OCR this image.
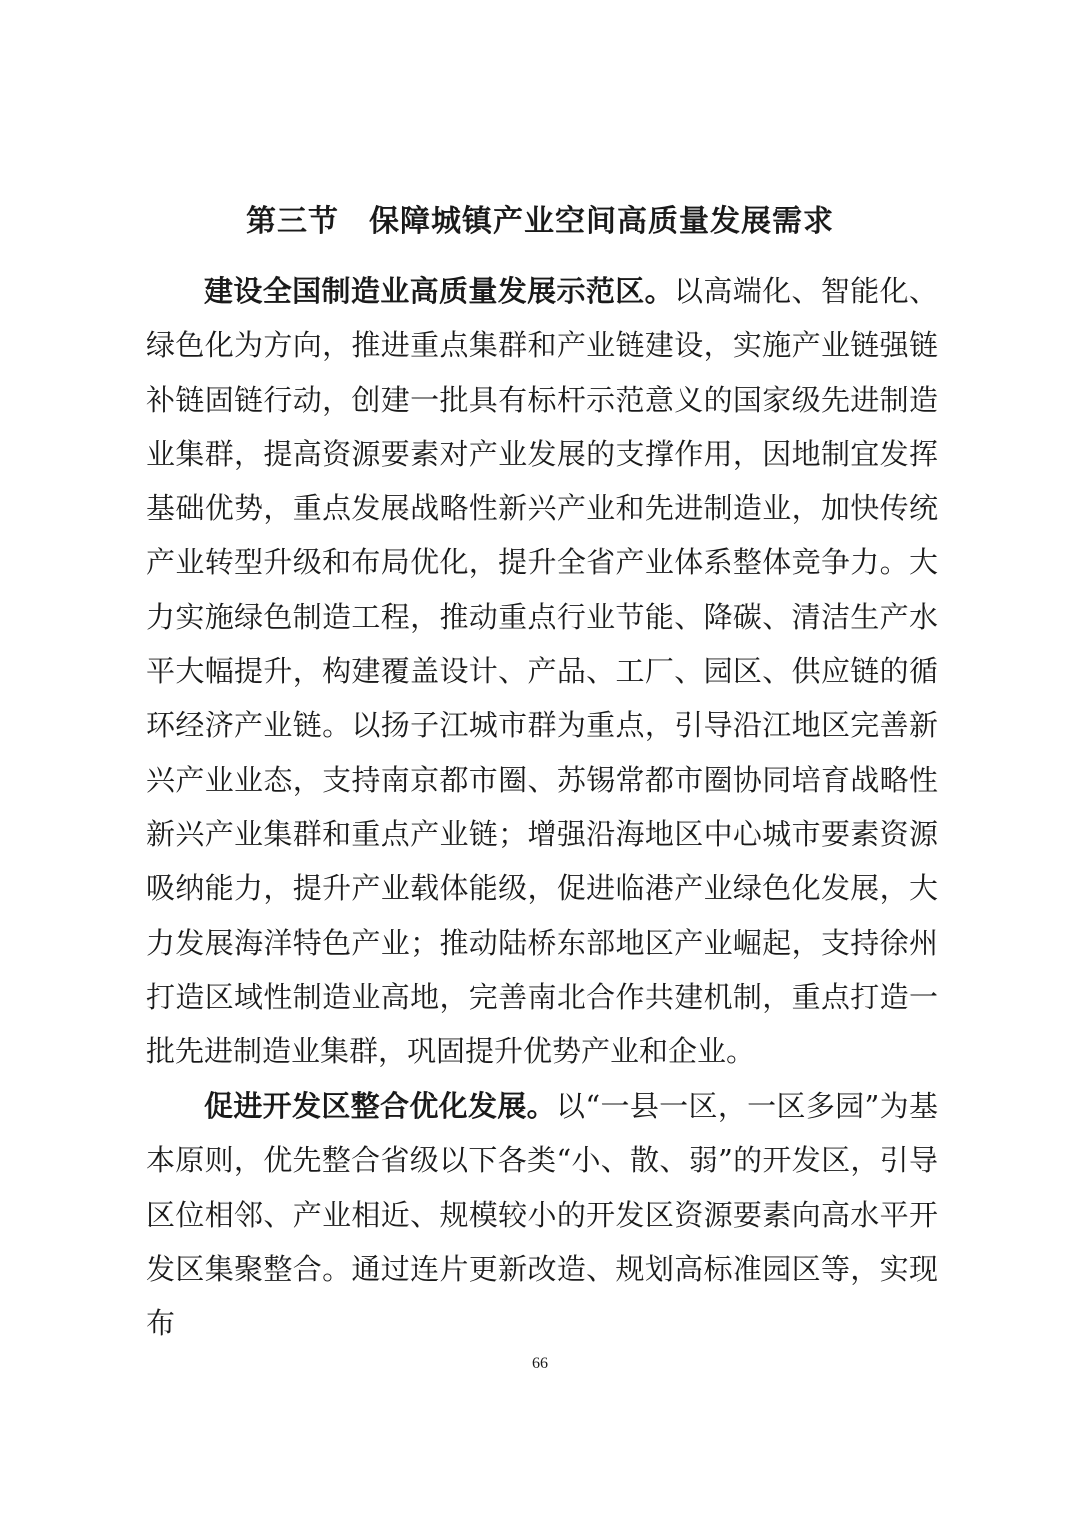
第三节 保障城镇产业空间高质量发展需求

建设全国制造业高质量发展示范区。以高端化、智能化、绿色化为方向，推进重点集群和产业链建设，实施产业链强链补链固链行动，创建一批具有标杆示范意义的国家级先进制造业集群，提高资源要素对产业发展的支撑作用，因地制宜发挥基础优势，重点发展战略性新兴产业和先进制造业，加快传统产业转型升级和布局优化，提升全省产业体系整体竞争力。大力实施绿色制造工程，推动重点行业节能、降碳、清洁生产水平大幅提升，构建覆盖设计、产品、工厂、园区、供应链的循环经济产业链。以扬子江城市群为重点，引导沿江地区完善新兴产业业态，支持南京都市圈、苏锡常都市圈协同培育战略性新兴产业集群和重点产业链；增强沿海地区中心城市要素资源吸纳能力，提升产业载体能级，促进临港产业绿色化发展，大力发展海洋特色产业；推动陆桥东部地区产业崛起，支持徐州打造区域性制造业高地，完善南北合作共建机制，重点打造一批先进制造业集群，巩固提升优势产业和企业。

促进开发区整合优化发展。以“一县一区，一区多园”为基本原则，优先整合省级以下各类“小、散、弱”的开发区，引导区位相邻、产业相近、规模较小的开发区资源要素向高水平开发区集聚整合。通过连片更新改造、规划高标准园区等，实现布

66
